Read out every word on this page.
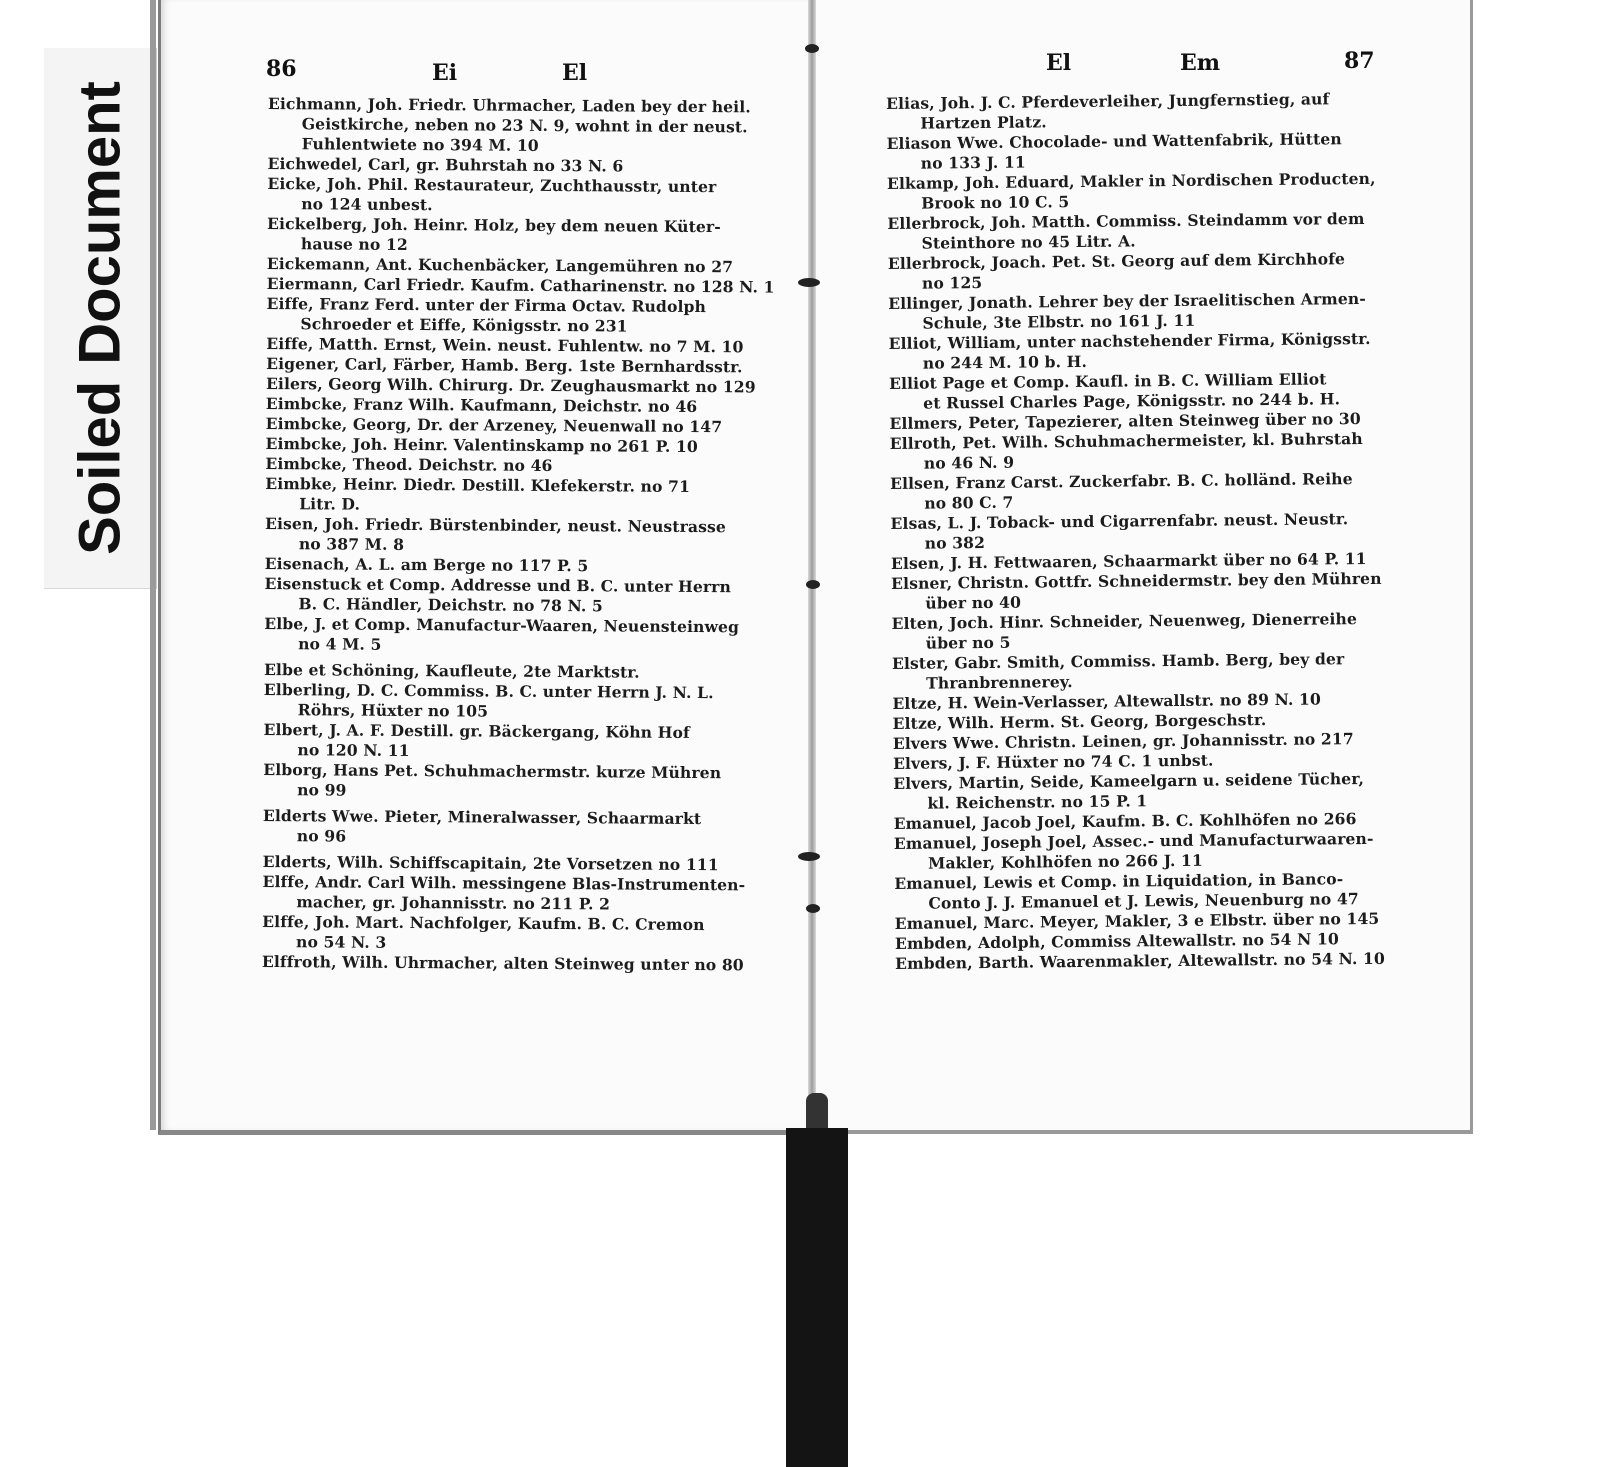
Soiled Document
86	Ei	El	El	Em	87
Eichmann, Joh. Friedr. Uhrmacher, Laden bey der heil.
Geistkirche, neben no 23 N. 9, wohnt in der neust.
Fuhlentwiete no 394 M. 10
Eichwedel, Carl, gr. Buhrstah no 33 N. 6
Eicke, Joh. Phil. Restaurateur, Zuchthausstr, unter
no 124 unbest.
Eickelberg, Joh. Heinr. Holz, bey dem neuen Küter-
hause no 12
Eickemann, Ant. Kuchenbäcker, Langemühren no 27
Eiermann, Carl Friedr. Kaufm. Catharinenstr. no 128 N. 1
Eiffe, Franz Ferd. unter der Firma Octav. Rudolph
Schroeder et Eiffe, Königsstr. no 231
Eiffe, Matth. Ernst, Wein. neust. Fuhlentw. no 7 M. 10
Eigener, Carl, Färber, Hamb. Berg. 1ste Bernhardsstr.
Eilers, Georg Wilh. Chirurg. Dr. Zeughausmarkt no 129
Eimbcke, Franz Wilh. Kaufmann, Deichstr. no 46
Eimbcke, Georg, Dr. der Arzeney, Neuenwall no 147
Eimbcke, Joh. Heinr. Valentinskamp no 261 P. 10
Eimbcke, Theod. Deichstr. no 46
Eimbke, Heinr. Diedr. Destill. Klefekerstr. no 71
Litr. D.
Eisen, Joh. Friedr. Bürstenbinder, neust. Neustrasse
no 387 M. 8
Eisenach, A. L. am Berge no 117 P. 5
Eisenstuck et Comp. Addresse und B. C. unter Herrn
B. C. Händler, Deichstr. no 78 N. 5
Elbe, J. et Comp. Manufactur-Waaren, Neuensteinweg
no 4 M. 5
Elbe et Schöning, Kaufleute, 2te Marktstr.
Elberling, D. C. Commiss. B. C. unter Herrn J. N. L.
Röhrs, Hüxter no 105
Elbert, J. A. F. Destill. gr. Bäckergang, Köhn Hof
no 120 N. 11
Elborg, Hans Pet. Schuhmachermstr. kurze Mühren
no 99
Elderts Wwe. Pieter, Mineralwasser, Schaarmarkt
no 96
Elderts, Wilh. Schiffscapitain, 2te Vorsetzen no 111
Elffe, Andr. Carl Wilh. messingene Blas-Instrumenten-
macher, gr. Johannisstr. no 211 P. 2
Elffe, Joh. Mart. Nachfolger, Kaufm. B. C. Cremon
no 54 N. 3
Elffroth, Wilh. Uhrmacher, alten Steinweg unter no 80
Elias, Joh. J. C. Pferdeverleiher, Jungfernstieg, auf
Hartzen Platz.
Eliason Wwe. Chocolade- und Wattenfabrik, Hütten
no 133 J. 11
Elkamp, Joh. Eduard, Makler in Nordischen Producten,
Brook no 10 C. 5
Ellerbrock, Joh. Matth. Commiss. Steindamm vor dem
Steinthore no 45 Litr. A.
Ellerbrock, Joach. Pet. St. Georg auf dem Kirchhofe
no 125
Ellinger, Jonath. Lehrer bey der Israelitischen Armen-
Schule, 3te Elbstr. no 161 J. 11
Elliot, William, unter nachstehender Firma, Königsstr.
no 244 M. 10 b. H.
Elliot Page et Comp. Kaufl. in B. C. William Elliot
et Russel Charles Page, Königsstr. no 244 b. H.
Ellmers, Peter, Tapezierer, alten Steinweg über no 30
Ellroth, Pet. Wilh. Schuhmachermeister, kl. Buhrstah
no 46 N. 9
Ellsen, Franz Carst. Zuckerfabr. B. C. holländ. Reihe
no 80 C. 7
Elsas, L. J. Toback- und Cigarrenfabr. neust. Neustr.
no 382
Elsen, J. H. Fettwaaren, Schaarmarkt über no 64 P. 11
Elsner, Christn. Gottfr. Schneidermstr. bey den Mühren
über no 40
Elten, Joch. Hinr. Schneider, Neuenweg, Dienerreihe
über no 5
Elster, Gabr. Smith, Commiss. Hamb. Berg, bey der
Thranbrennerey.
Eltze, H. Wein-Verlasser, Altewallstr. no 89 N. 10
Eltze, Wilh. Herm. St. Georg, Borgeschstr.
Elvers Wwe. Christn. Leinen, gr. Johannisstr. no 217
Elvers, J. F. Hüxter no 74 C. 1 unbst.
Elvers, Martin, Seide, Kameelgarn u. seidene Tücher,
kl. Reichenstr. no 15 P. 1
Emanuel, Jacob Joel, Kaufm. B. C. Kohlhöfen no 266
Emanuel, Joseph Joel, Assec.- und Manufacturwaaren-
Makler, Kohlhöfen no 266 J. 11
Emanuel, Lewis et Comp. in Liquidation, in Banco-
Conto J. J. Emanuel et J. Lewis, Neuenburg no 47
Emanuel, Marc. Meyer, Makler, 3 e Elbstr. über no 145
Embden, Adolph, Commiss Altewallstr. no 54 N 10
Embden, Barth. Waarenmakler, Altewallstr. no 54 N. 10
